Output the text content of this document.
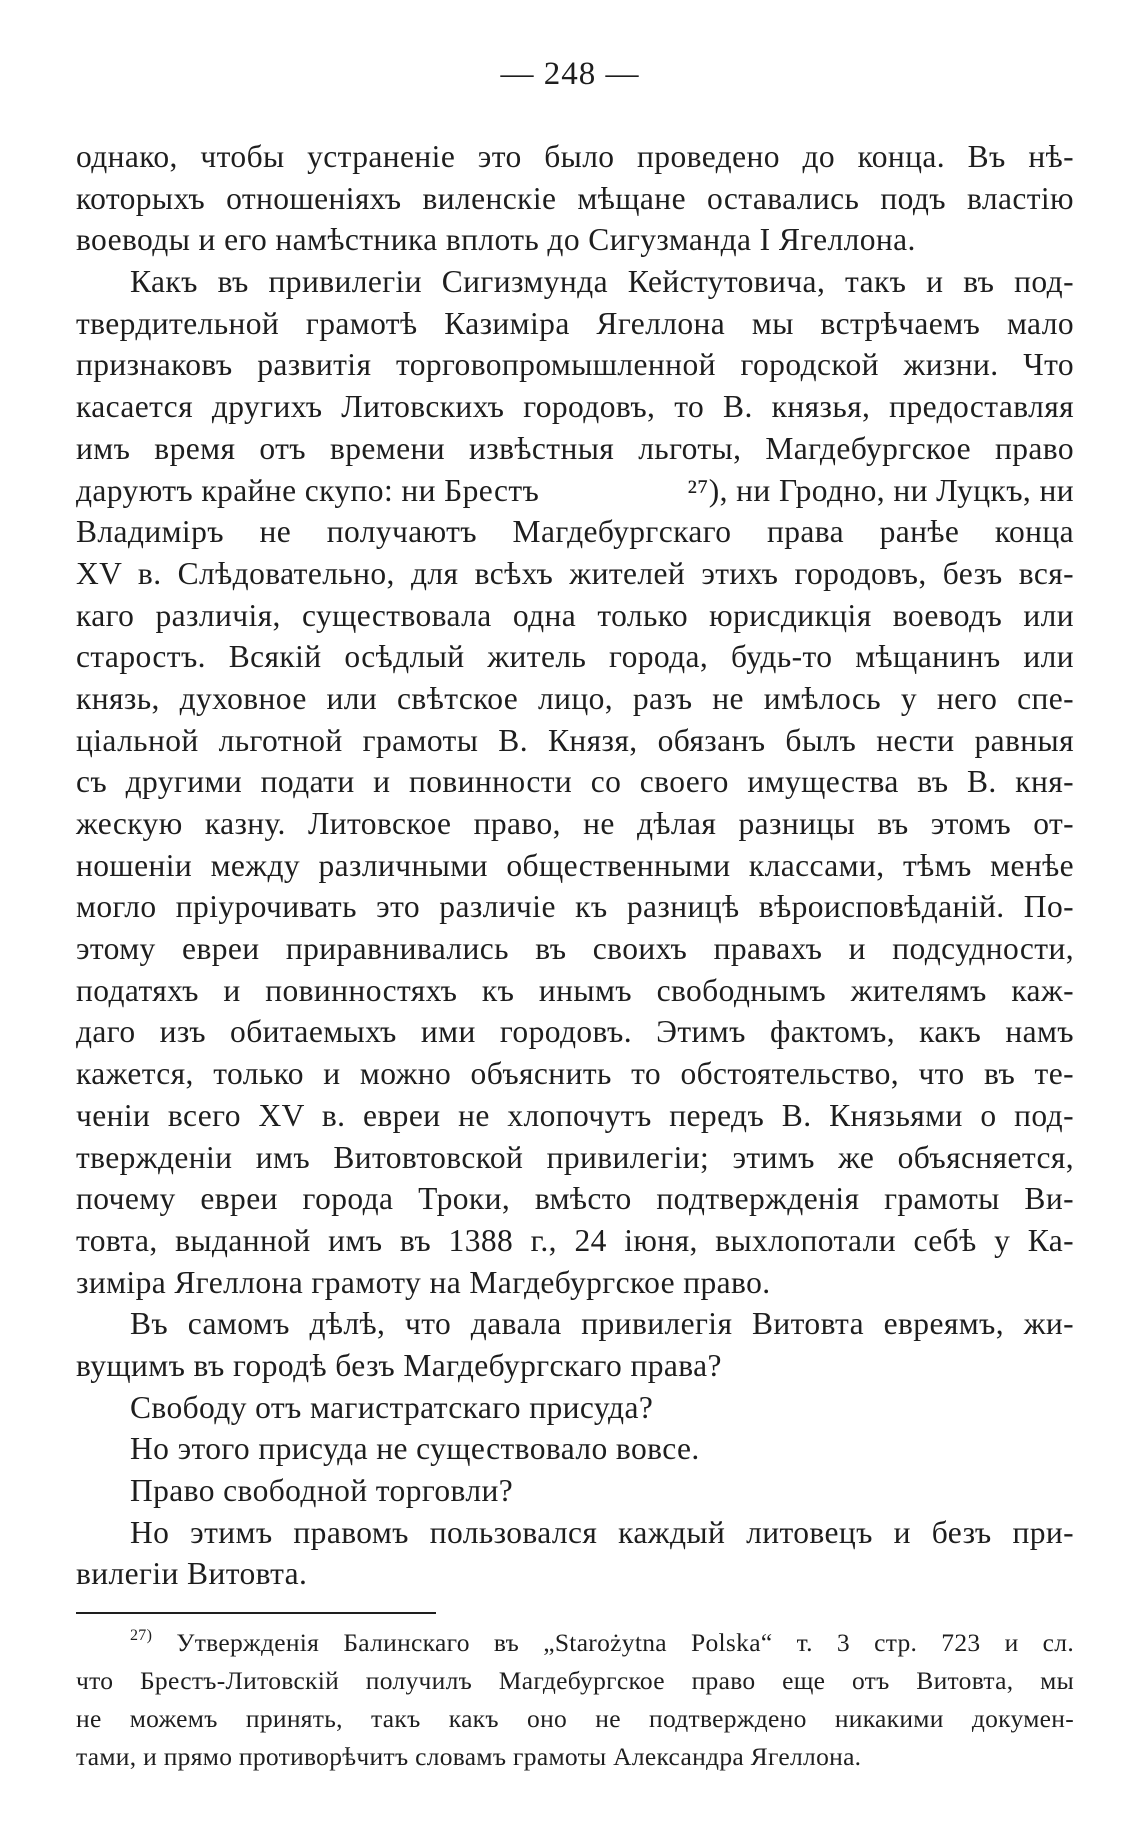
— 248 —
однако, чтобы устраненіе это было проведено до конца. Въ нѣ-
которыхъ отношеніяхъ виленскіе мѣщане оставались подъ властію
воеводы и его намѣстника вплоть до Сигузманда І Ягеллона.
Какъ въ привилегіи Сигизмунда Кейстутовича, такъ и въ под-
твердительной грамотѣ Казиміра Ягеллона мы встрѣчаемъ мало
признаковъ развитія торговопромышленной городской жизни. Что
касается другихъ Литовскихъ городовъ, то В. князья, предоставляя
имъ время отъ времени извѣстныя льготы, Магдебургское право
даруютъ крайне скупо: ни Брестъ	²⁷), ни Гродно, ни Луцкъ, ни
Владиміръ не получаютъ Магдебургскаго права ранѣе конца
XV в. Слѣдовательно, для всѣхъ жителей этихъ городовъ, безъ вся-
каго различія, существовала одна только юрисдикція воеводъ или
старостъ. Всякій осѣдлый житель города, будь-то мѣщанинъ или
князь, духовное или свѣтское лицо, разъ не имѣлось у него спе-
ціальной льготной грамоты В. Князя, обязанъ былъ нести равныя
съ другими подати и повинности со своего имущества въ В. кня-
жескую казну. Литовское право, не дѣлая разницы въ этомъ от-
ношеніи между различными общественными классами, тѣмъ менѣе
могло пріурочивать это различіе къ разницѣ вѣроисповѣданій. По-
этому евреи приравнивались въ своихъ правахъ и подсудности,
податяхъ и повинностяхъ къ инымъ свободнымъ жителямъ каж-
даго изъ обитаемыхъ ими городовъ. Этимъ фактомъ, какъ намъ
кажется, только и можно объяснить то обстоятельство, что въ те-
ченіи всего XV в. евреи не хлопочутъ передъ В. Князьями о под-
твержденіи имъ Витовтовской привилегіи; этимъ же объясняется,
почему евреи города Троки, вмѣсто подтвержденія грамоты Ви-
товта, выданной имъ въ 1388 г., 24 іюня, выхлопотали себѣ у Ка-
зиміра Ягеллона грамоту на Магдебургское право.
Въ самомъ дѣлѣ, что давала привилегія Витовта евреямъ, жи-
вущимъ въ городѣ безъ Магдебургскаго права?
Свободу отъ магистратскаго присуда?
Но этого присуда не существовало вовсе.
Право свободной торговли?
Но этимъ правомъ пользовался каждый литовецъ и безъ при-
вилегіи Витовта.
$^{27)}$ Утвержденія Балинскаго въ „Starożytna Polska“ т. 3 стр. 723 и сл.
что Брестъ-Литовскій получилъ Магдебургское право еще отъ Витовта, мы
не можемъ принять, такъ какъ оно не подтверждено никакими докумен-
тами, и прямо противорѣчитъ словамъ грамоты Александра Ягеллона.
